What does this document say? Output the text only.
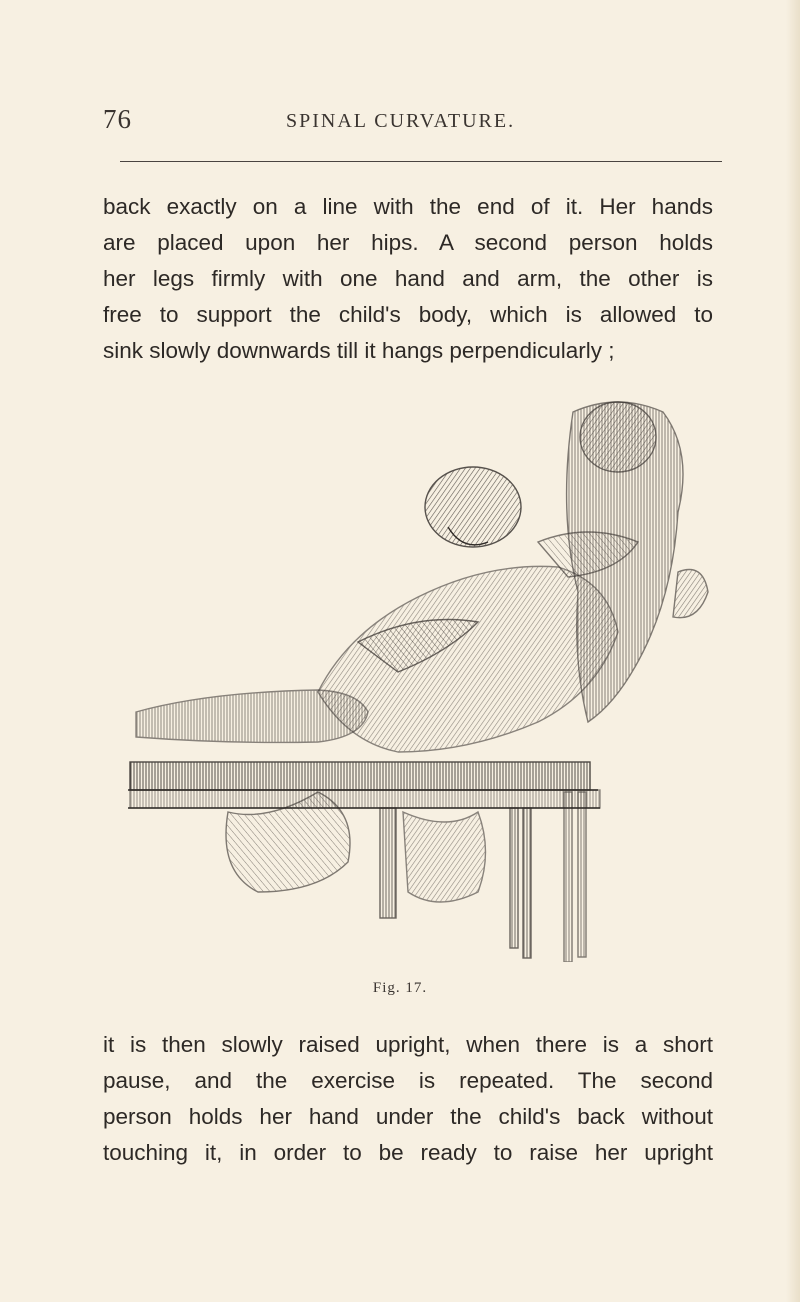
76	SPINAL CURVATURE.
back exactly on a line with the end of it. Her hands
are placed upon her hips. A second person holds
her legs firmly with one hand and arm, the other is
free to support the child's body, which is allowed to
sink slowly downwards till it hangs perpendicularly ;
Fig. 17.
it is then slowly raised upright, when there is a short
pause, and the exercise is repeated. The second
person holds her hand under the child's back without
touching it, in order to be ready to raise her upright
